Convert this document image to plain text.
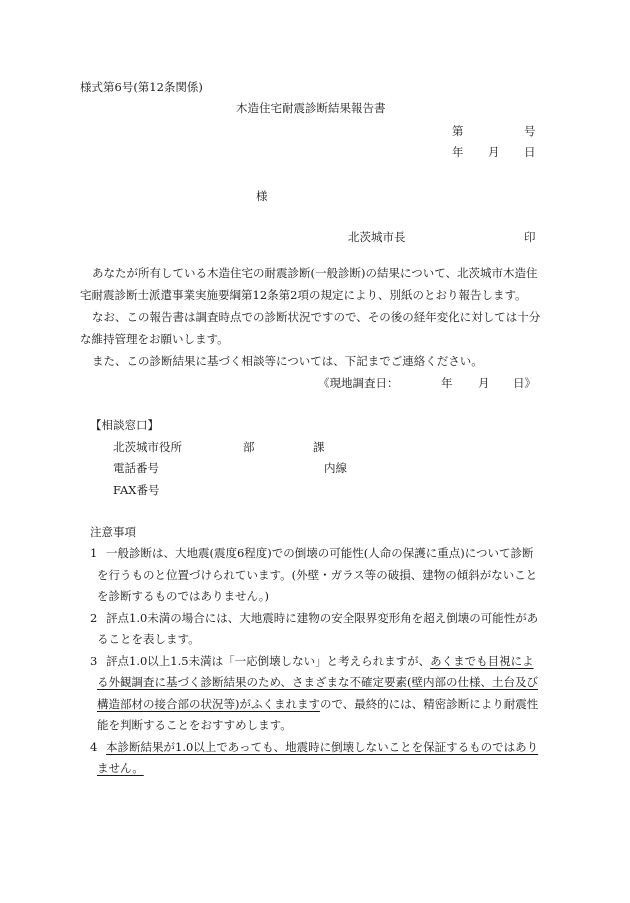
様式第6号(第12条関係)
木造住宅耐震診断結果報告書
第	号
年 月 日
様
北茨城市長	印
あなたが所有している木造住宅の耐震診断(一般診断)の結果について、北茨城市木造住
宅耐震診断士派遣事業実施要綱第12条第2項の規定により、別紙のとおり報告します。
なお、この報告書は調査時点での診断状況ですので、その後の経年変化に対しては十分
な維持管理をお願いします。
また、この診断結果に基づく相談等については、下記までご連絡ください。
《現地調査日：	年 月 日》
【相談窓口】
北茨城市役所	部	課
電話番号	内線
FAX番号
注意事項
1 一般診断は、大地震(震度6程度)での倒壊の可能性(人命の保護に重点)について診断
を行うものと位置づけられています。(外壁・ガラス等の破損、建物の傾斜がないこと
を診断するものではありません。)
2 評点1.0未満の場合には、大地震時に建物の安全限界変形角を超え倒壊の可能性があ
ることを表します。
3 評点1.0以上1.5未満は「一応倒壊しない」と考えられますが、あくまでも目視によ
る外観調査に基づく診断結果のため、さまざまな不確定要素(壁内部の仕様、土台及び
構造部材の接合部の状況等)がふくまれますので、最終的には、精密診断により耐震性
能を判断することをおすすめします。
4 本診断結果が1.0以上であっても、地震時に倒壊しないことを保証するものではあり
ません。
